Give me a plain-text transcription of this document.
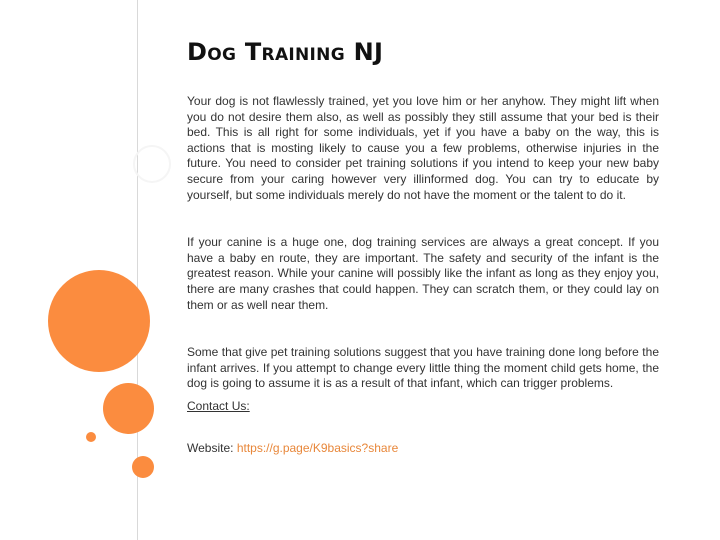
Dog Training NJ

Your dog is not flawlessly trained, yet you love him or her anyhow. They might lift when you do not desire them also, as well as possibly they still assume that your bed is their bed. This is all right for some individuals, yet if you have a baby on the way, this is actions that is mosting likely to cause you a few problems, otherwise injuries in the future. You need to consider pet training solutions if you intend to keep your new baby secure from your caring however very illinformed dog. You can try to educate by yourself, but some individuals merely do not have the moment or the talent to do it.

If your canine is a huge one, dog training services are always a great concept. If you have a baby en route, they are important. The safety and security of the infant is the greatest reason. While your canine will possibly like the infant as long as they enjoy you, there are many crashes that could happen. They can scratch them, or they could lay on them or as well near them.

Some that give pet training solutions suggest that you have training done long before the infant arrives. If you attempt to change every little thing the moment child gets home, the dog is going to assume it is as a result of that infant, which can trigger problems.

Contact Us:

Website: https://g.page/K9basics?share
